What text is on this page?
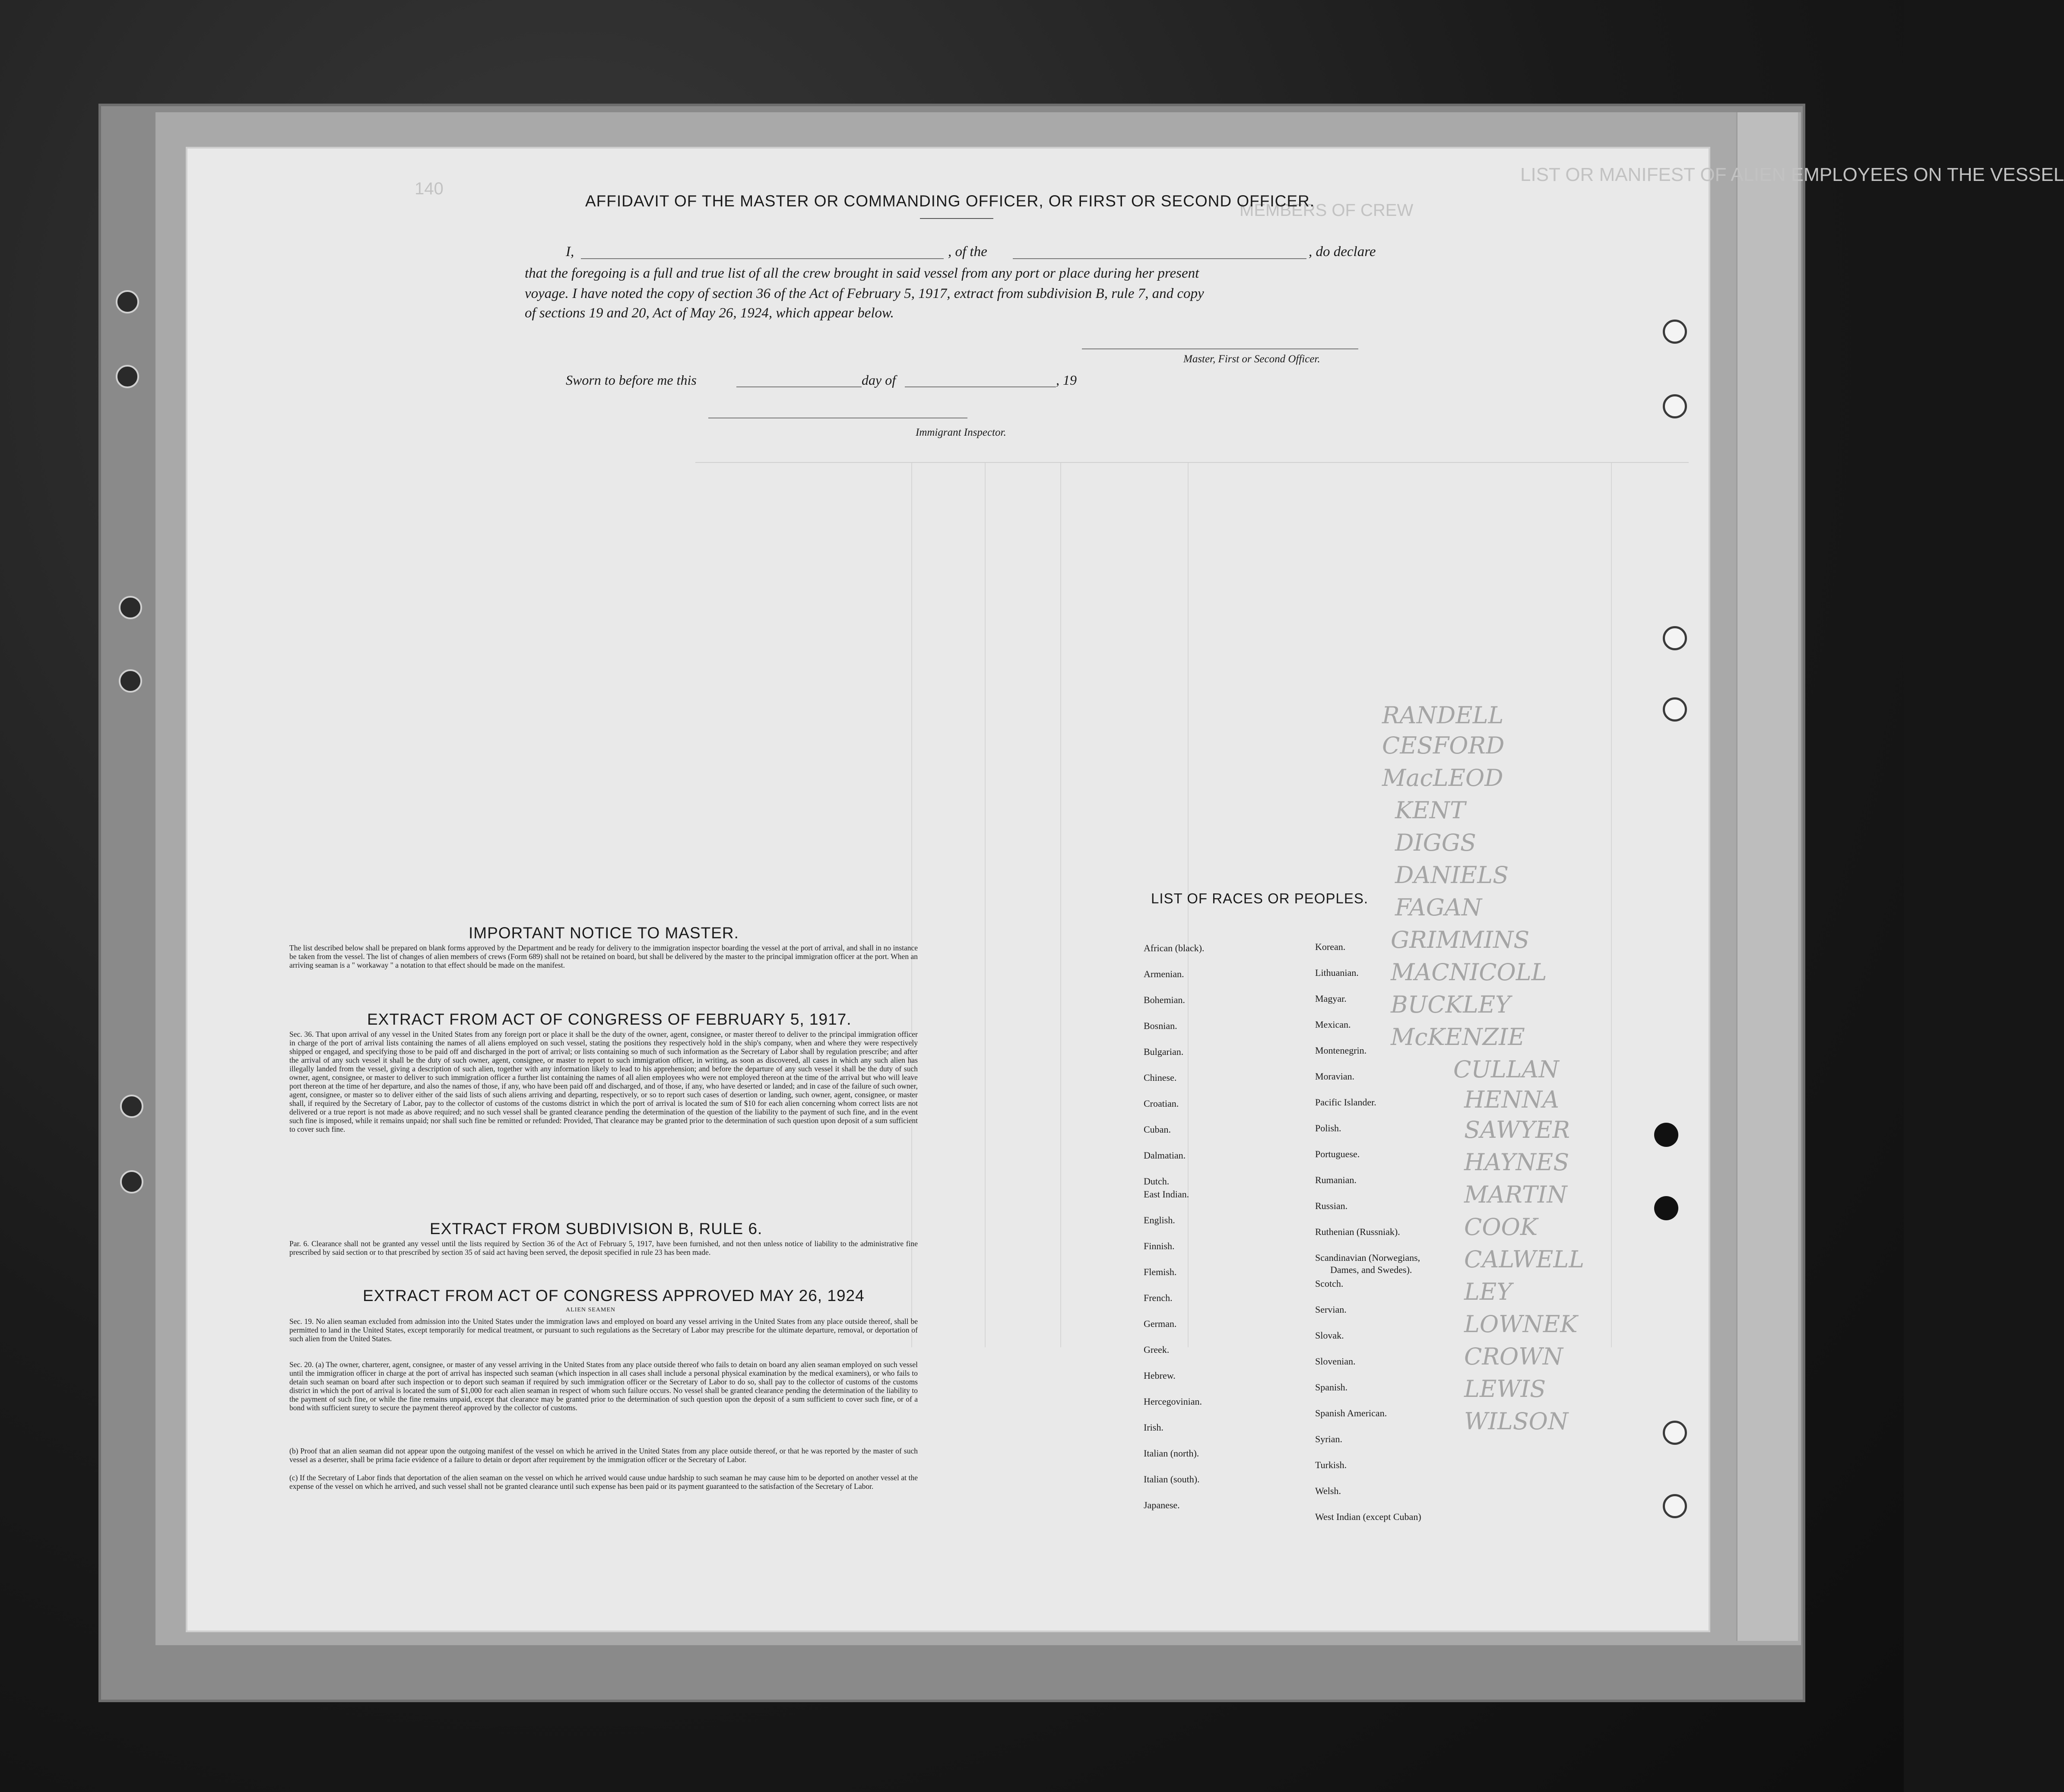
LIST OR MANIFEST OF ALIEN EMPLOYEES ON THE VESSEL
MEMBERS OF CREW
140
RANDELL
CESFORD
MacLEOD
KENT
DIGGS
DANIELS
FAGAN
GRIMMINS
MACNICOLL
BUCKLEY
McKENZIE
CULLAN
HENNA
SAWYER
HAYNES
MARTIN
COOK
CALWELL
LEY
LOWNEK
CROWN
LEWIS
WILSON
AFFIDAVIT OF THE MASTER OR COMMANDING OFFICER, OR FIRST OR SECOND OFFICER.
I,	, of the	, do declare
that the foregoing is a full and true list of all the crew brought in said vessel from any port or place during her present
voyage. I have noted the copy of section 36 of the Act of February 5, 1917, extract from subdivision B, rule 7, and copy
of sections 19 and 20, Act of May 26, 1924, which appear below.
Master, First or Second Officer.
Sworn to before me this	day of	, 19
Immigrant Inspector.
IMPORTANT NOTICE TO MASTER.
The list described below shall be prepared on blank forms approved by the Department and be ready for delivery to the immigration inspector boarding the vessel at the port of arrival, and shall in no instance be taken from the vessel. The list of changes of alien members of crews (Form 689) shall not be retained on board, but shall be delivered by the master to the principal immigration officer at the port. When an arriving seaman is a " workaway " a notation to that effect should be made on the manifest.
EXTRACT FROM ACT OF CONGRESS OF FEBRUARY 5, 1917.
Sec. 36. That upon arrival of any vessel in the United States from any foreign port or place it shall be the duty of the owner, agent, consignee, or master thereof to deliver to the principal immigration officer in charge of the port of arrival lists containing the names of all aliens employed on such vessel, stating the positions they respectively hold in the ship's company, when and where they were respectively shipped or engaged, and specifying those to be paid off and discharged in the port of arrival; or lists containing so much of such information as the Secretary of Labor shall by regulation prescribe; and after the arrival of any such vessel it shall be the duty of such owner, agent, consignee, or master to report to such immigration officer, in writing, as soon as discovered, all cases in which any such alien has illegally landed from the vessel, giving a description of such alien, together with any information likely to lead to his apprehension; and before the departure of any such vessel it shall be the duty of such owner, agent, consignee, or master to deliver to such immigration officer a further list containing the names of all alien employees who were not employed thereon at the time of the arrival but who will leave port thereon at the time of her departure, and also the names of those, if any, who have been paid off and discharged, and of those, if any, who have deserted or landed; and in case of the failure of such owner, agent, consignee, or master so to deliver either of the said lists of such aliens arriving and departing, respectively, or so to report such cases of desertion or landing, such owner, agent, consignee, or master shall, if required by the Secretary of Labor, pay to the collector of customs of the customs district in which the port of arrival is located the sum of $10 for each alien concerning whom correct lists are not delivered or a true report is not made as above required; and no such vessel shall be granted clearance pending the determination of the question of the liability to the payment of such fine, and in the event such fine is imposed, while it remains unpaid; nor shall such fine be remitted or refunded: Provided, That clearance may be granted prior to the determination of such question upon deposit of a sum sufficient to cover such fine.
EXTRACT FROM SUBDIVISION B, RULE 6.
Par. 6. Clearance shall not be granted any vessel until the lists required by Section 36 of the Act of February 5, 1917, have been furnished, and not then unless notice of liability to the administrative fine prescribed by said section or to that prescribed by section 35 of said act having been served, the deposit specified in rule 23 has been made.
EXTRACT FROM ACT OF CONGRESS APPROVED MAY 26, 1924
ALIEN SEAMEN
Sec. 19. No alien seaman excluded from admission into the United States under the immigration laws and employed on board any vessel arriving in the United States from any place outside thereof, shall be permitted to land in the United States, except temporarily for medical treatment, or pursuant to such regulations as the Secretary of Labor may prescribe for the ultimate departure, removal, or deportation of such alien from the United States.
Sec. 20. (a) The owner, charterer, agent, consignee, or master of any vessel arriving in the United States from any place outside thereof who fails to detain on board any alien seaman employed on such vessel until the immigration officer in charge at the port of arrival has inspected such seaman (which inspection in all cases shall include a personal physical examination by the medical examiners), or who fails to detain such seaman on board after such inspection or to deport such seaman if required by such immigration officer or the Secretary of Labor to do so, shall pay to the collector of customs of the customs district in which the port of arrival is located the sum of $1,000 for each alien seaman in respect of whom such failure occurs. No vessel shall be granted clearance pending the determination of the liability to the payment of such fine, or while the fine remains unpaid, except that clearance may be granted prior to the determination of such question upon the deposit of a sum sufficient to cover such fine, or of a bond with sufficient surety to secure the payment thereof approved by the collector of customs.
(b) Proof that an alien seaman did not appear upon the outgoing manifest of the vessel on which he arrived in the United States from any place outside thereof, or that he was reported by the master of such vessel as a deserter, shall be prima facie evidence of a failure to detain or deport after requirement by the immigration officer or the Secretary of Labor.
(c) If the Secretary of Labor finds that deportation of the alien seaman on the vessel on which he arrived would cause undue hardship to such seaman he may cause him to be deported on another vessel at the expense of the vessel on which he arrived, and such vessel shall not be granted clearance until such expense has been paid or its payment guaranteed to the satisfaction of the Secretary of Labor.
LIST OF RACES OR PEOPLES.
African (black).
Armenian.
Bohemian.
Bosnian.
Bulgarian.
Chinese.
Croatian.
Cuban.
Dalmatian.
Dutch.
East Indian.
English.
Finnish.
Flemish.
French.
German.
Greek.
Hebrew.
Hercegovinian.
Irish.
Italian (north).
Italian (south).
Japanese.
Korean.
Lithuanian.
Magyar.
Mexican.
Montenegrin.
Moravian.
Pacific Islander.
Polish.
Portuguese.
Rumanian.
Russian.
Ruthenian (Russniak).
Scandinavian (Norwegians,
Dames, and Swedes).
Scotch.
Servian.
Slovak.
Slovenian.
Spanish.
Spanish American.
Syrian.
Turkish.
Welsh.
West Indian (except Cuban)
